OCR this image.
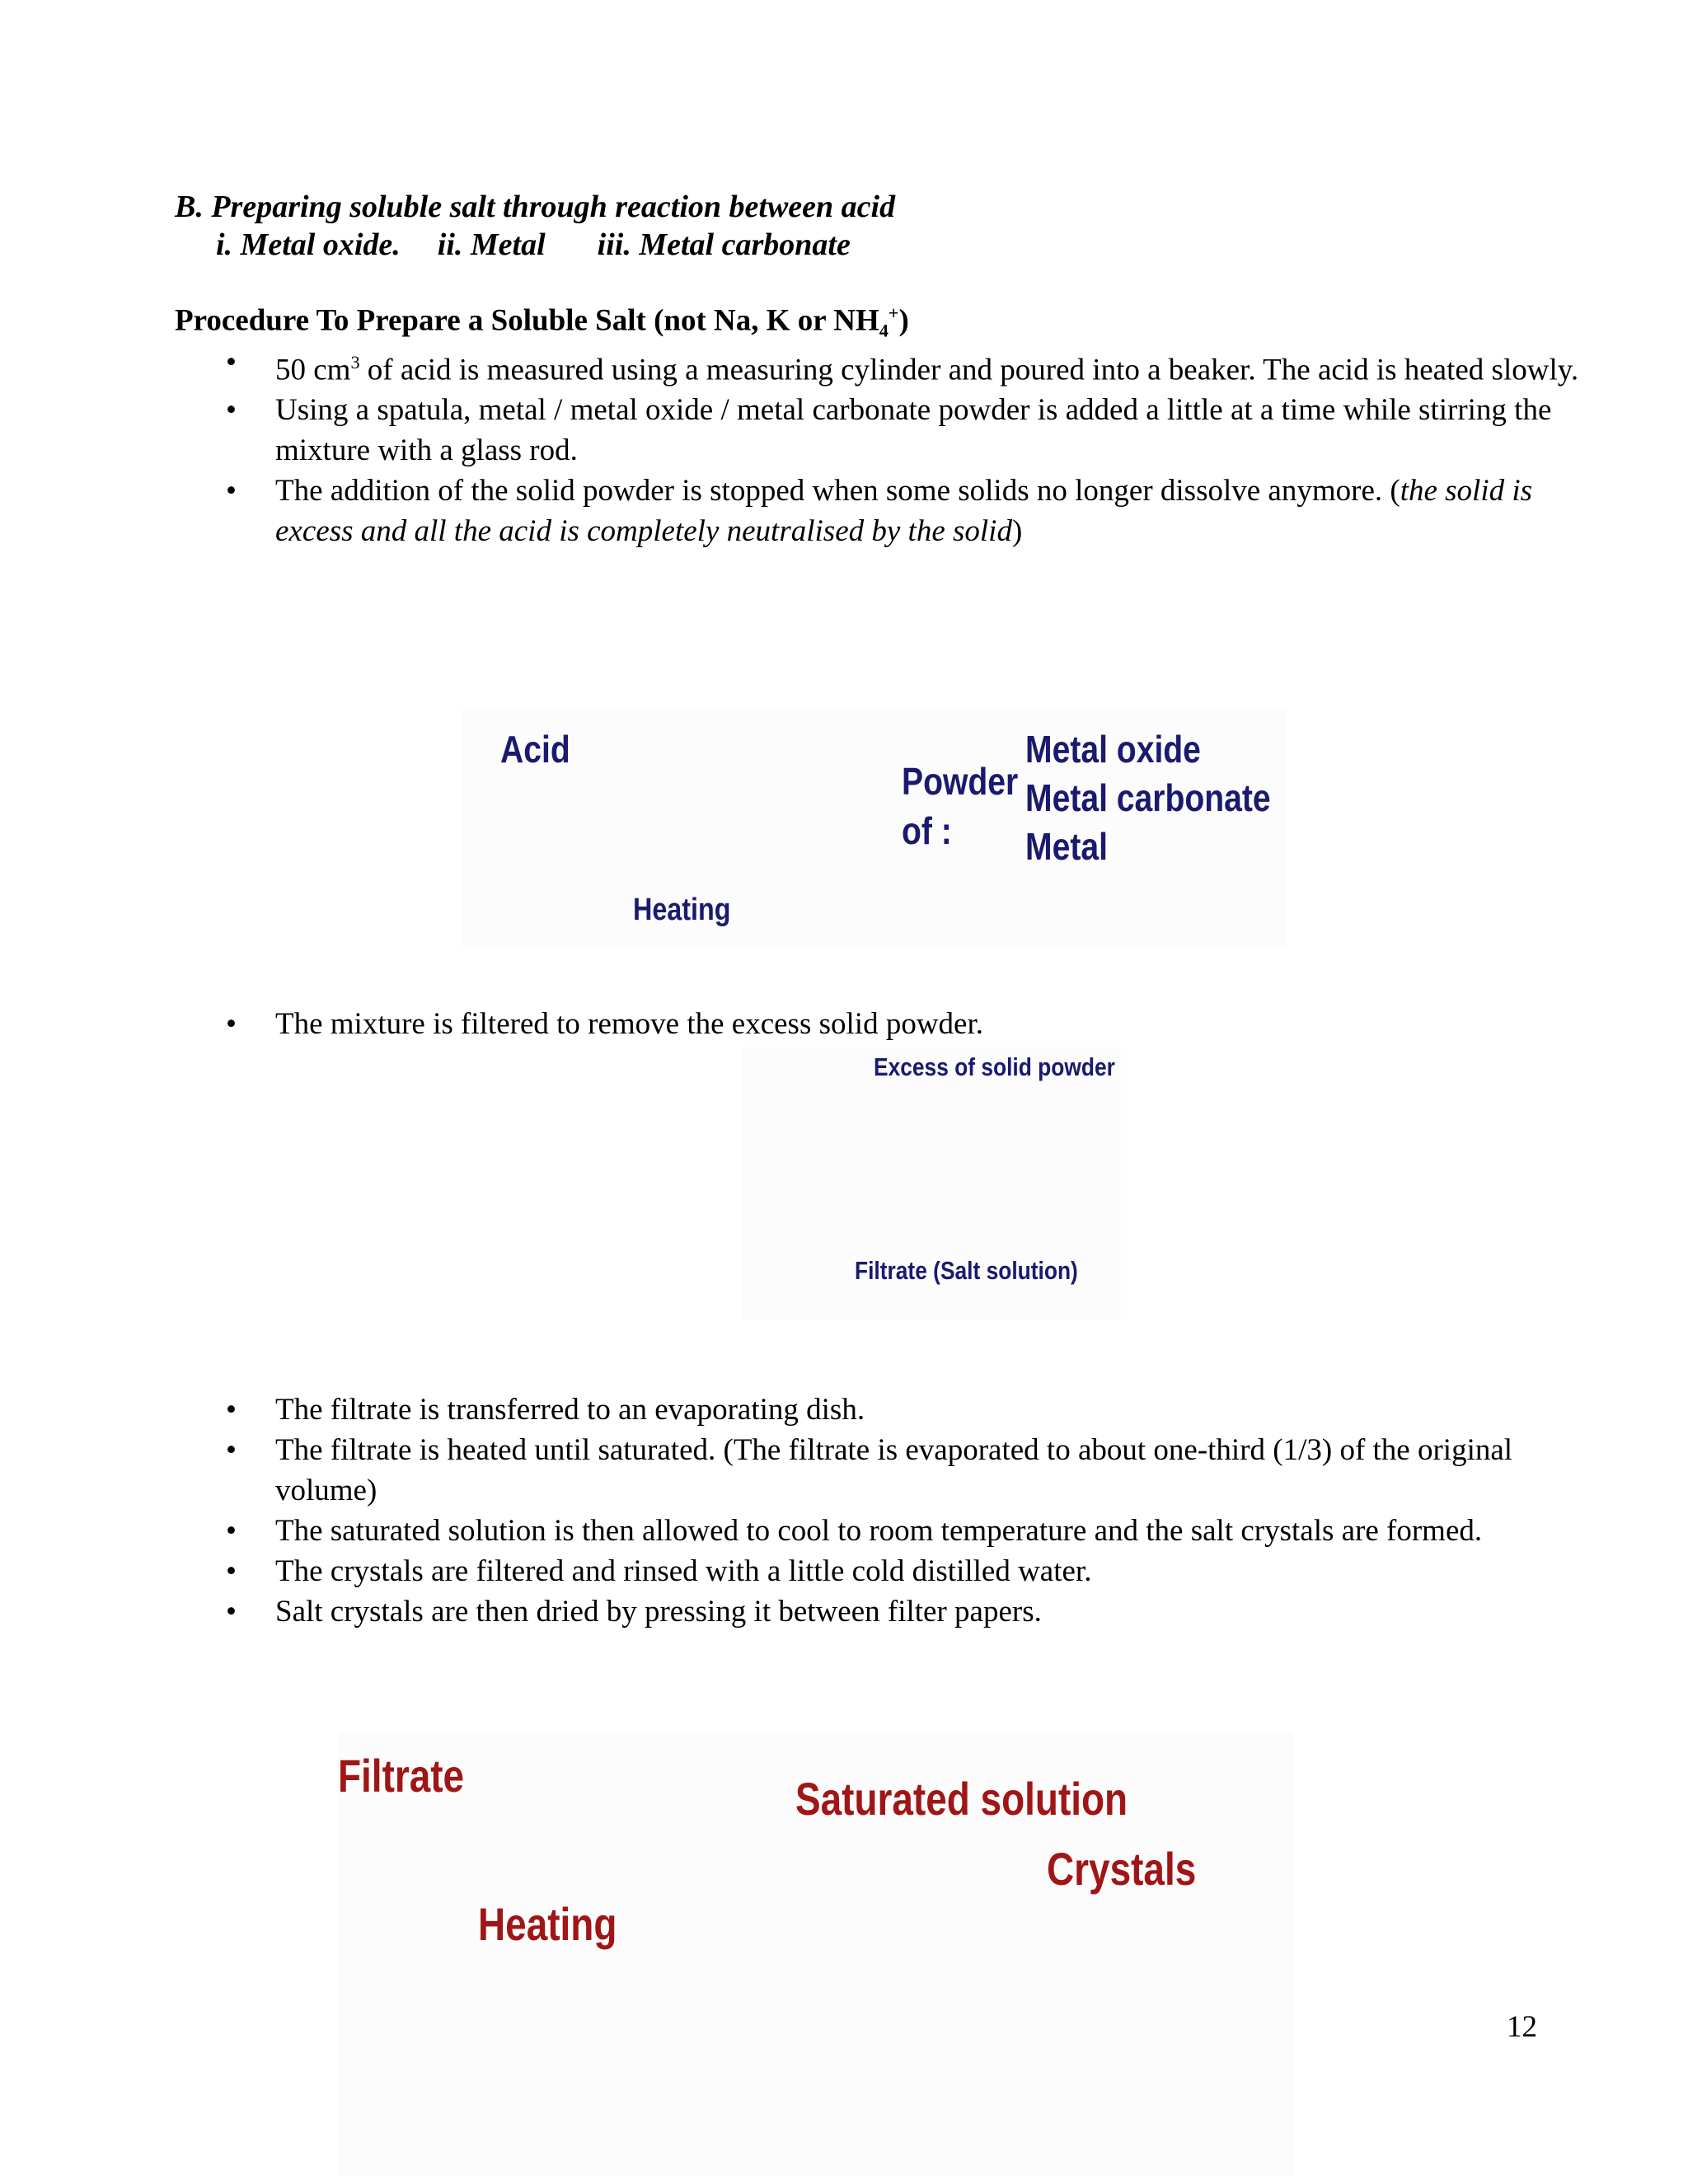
B. Preparing soluble salt through reaction between acid
i. Metal oxide. ii. Metal iii. Metal carbonate
Procedure To Prepare a Soluble Salt (not Na, K or $NH_4^+$)
• 50 $cm^3$ of acid is measured using a measuring cylinder and poured into a beaker. The acid is heated slowly.
• Using a spatula, metal / metal oxide / metal carbonate powder is added a little at a time while stirring the mixture with a glass rod.
• The addition of the solid powder is stopped when some solids no longer dissolve anymore. (the solid is excess and all the acid is completely neutralised by the solid)
Acid
Heating
Powder
of :
Metal oxide
Metal carbonate
Metal
• The mixture is filtered to remove the excess solid powder.
Excess of solid powder
Filtrate (Salt solution)
• The filtrate is transferred to an evaporating dish.
• The filtrate is heated until saturated. (The filtrate is evaporated to about one-third (1/3) of the original volume)
• The saturated solution is then allowed to cool to room temperature and the salt crystals are formed.
• The crystals are filtered and rinsed with a little cold distilled water.
• Salt crystals are then dried by pressing it between filter papers.
Filtrate
Heating
Saturated solution
Crystals
12
